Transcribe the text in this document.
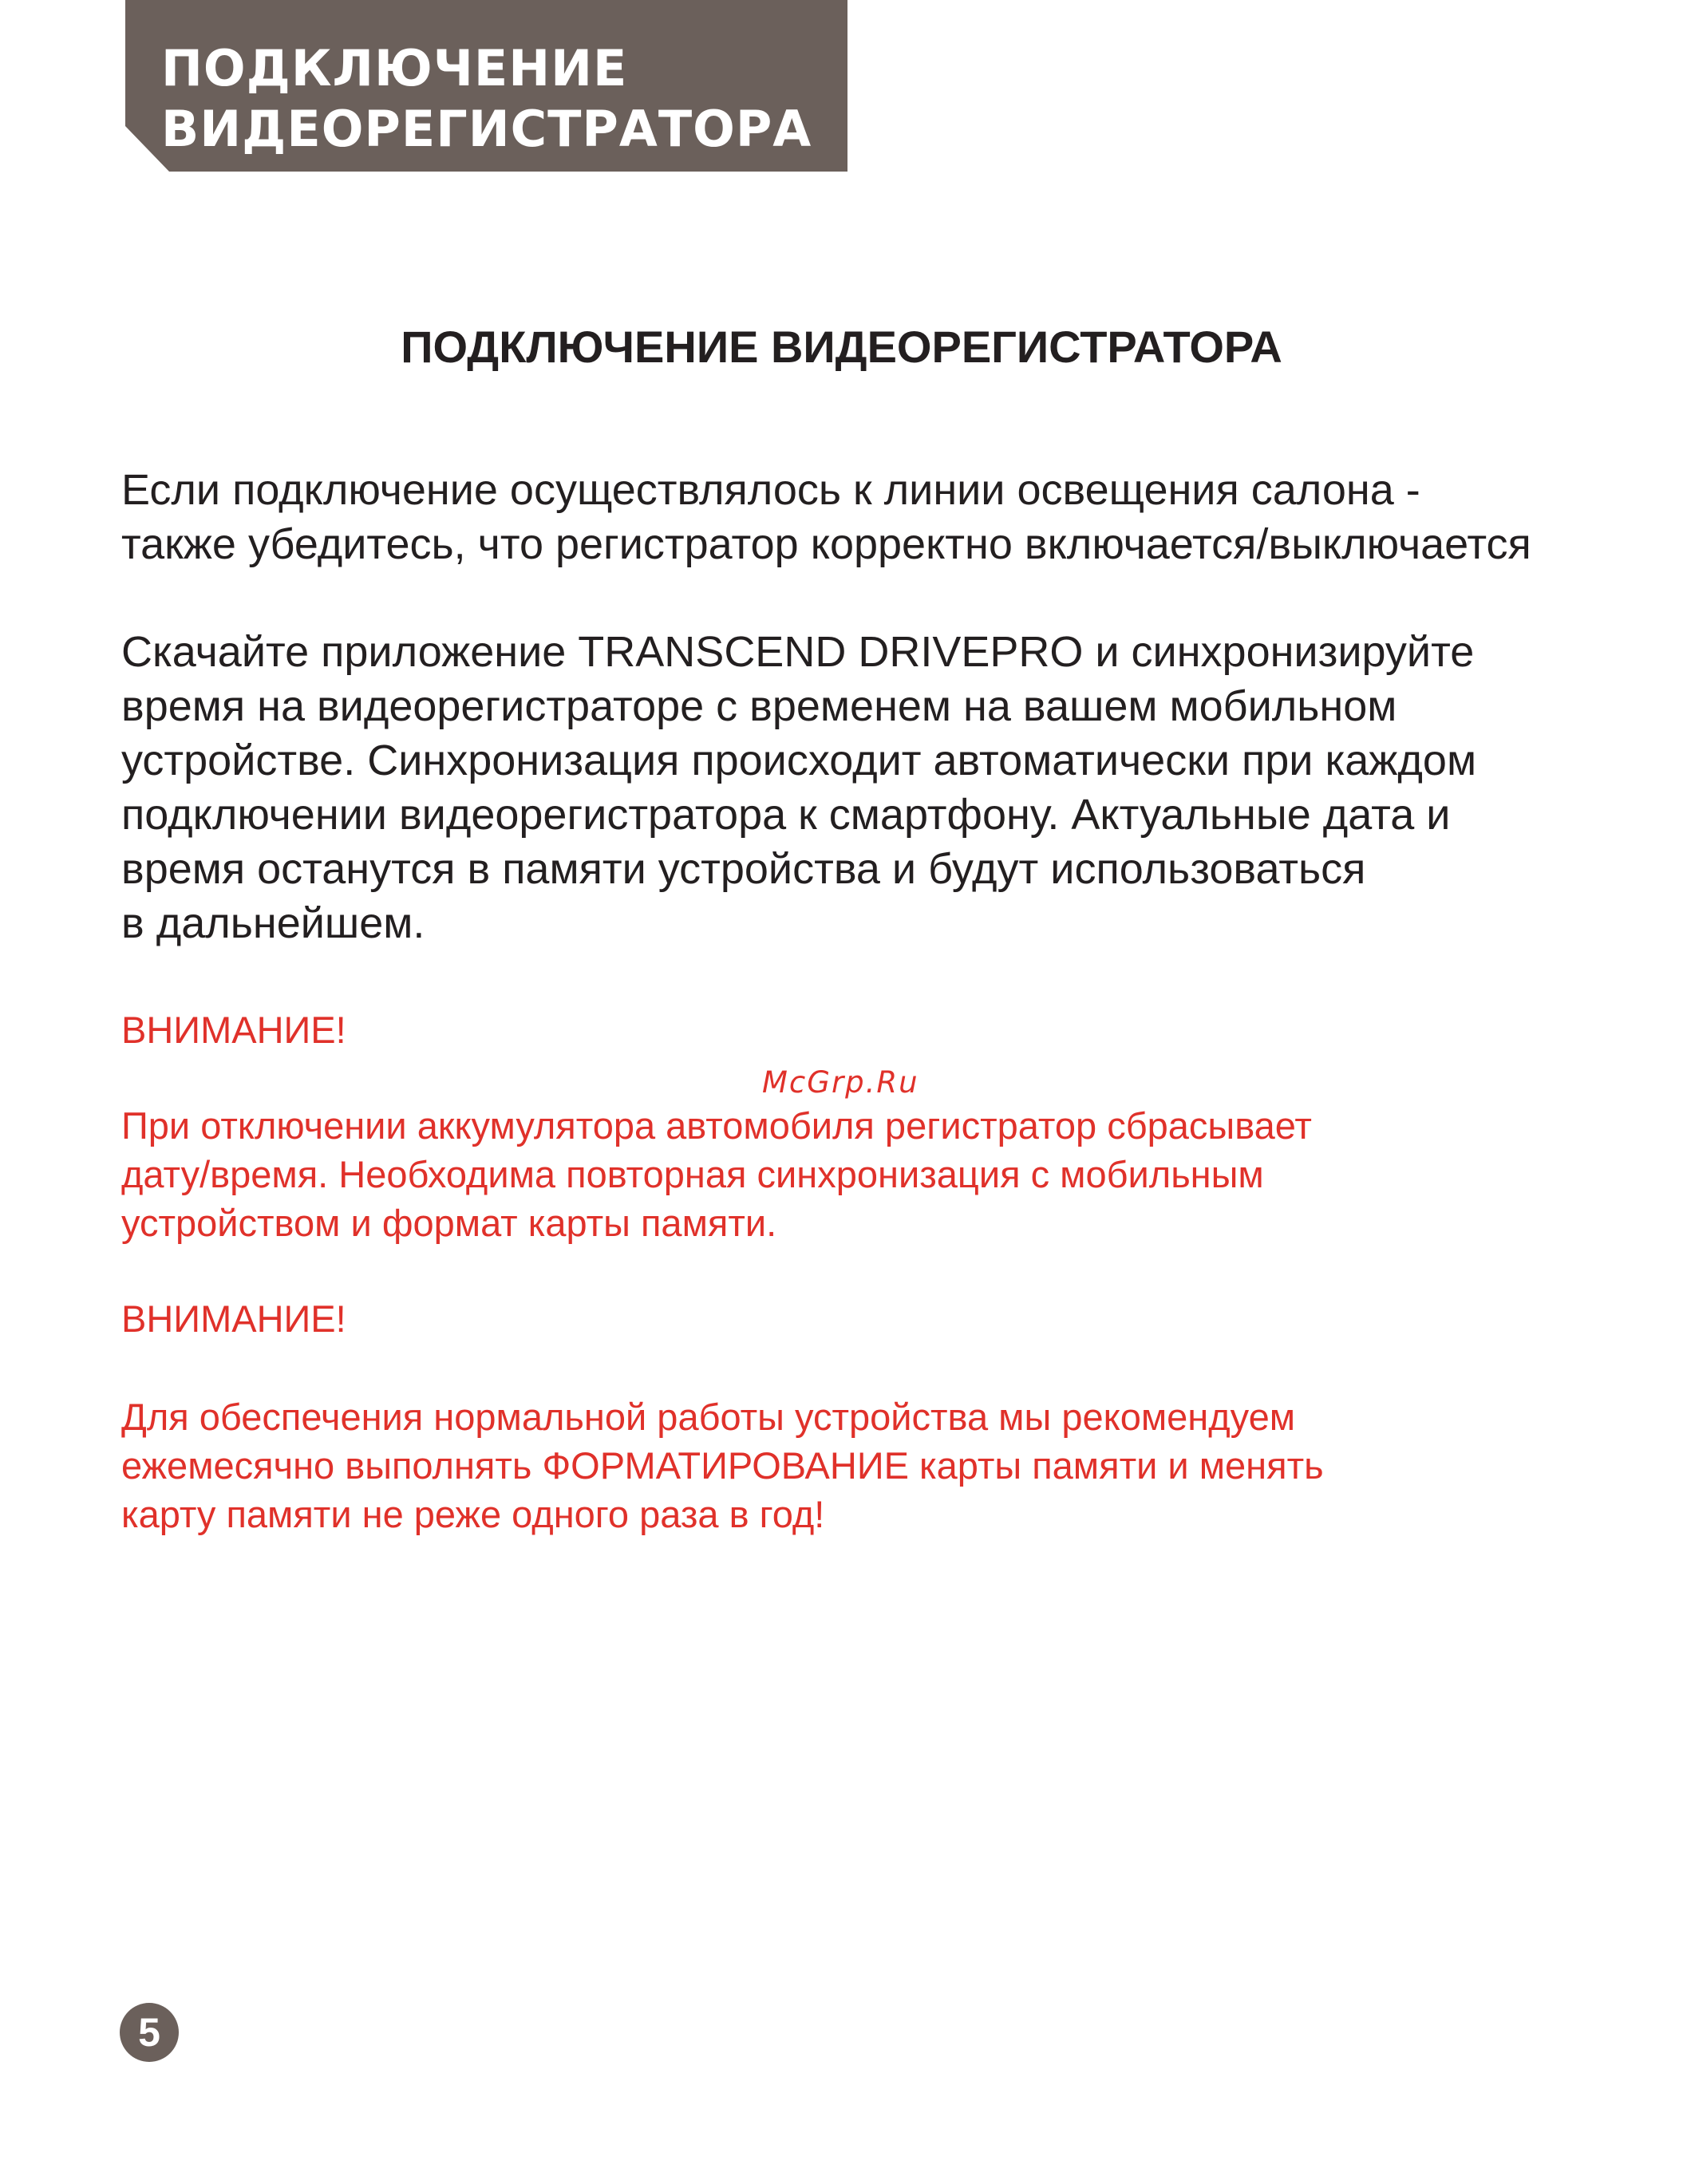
ПОДКЛЮЧЕНИЕ
ВИДЕОРЕГИСТРАТОРА
ПОДКЛЮЧЕНИЕ ВИДЕОРЕГИСТРАТОРА

Если подключение осуществлялось к линии освещения салона -
также убедитесь, что регистратор корректно включается/выключается

Скачайте приложение TRANSCEND DRIVEPRO и синхронизируйте
время на видеорегистраторе с временем на вашем мобильном
устройстве. Синхронизация происходит автоматически при каждом
подключении видеорегистратора к смартфону. Актуальные дата и
время останутся в памяти устройства и будут использоваться
в дальнейшем.

ВНИМАНИЕ!

McGrp.Ru

При отключении аккумулятора автомобиля регистратор сбрасывает
дату/время. Необходима повторная синхронизация с мобильным
устройством и формат карты памяти.

ВНИМАНИЕ!

Для обеспечения нормальной работы устройства мы рекомендуем
ежемесячно выполнять ФОРМАТИРОВАНИЕ карты памяти и менять
карту памяти не реже одного раза в год!

5
